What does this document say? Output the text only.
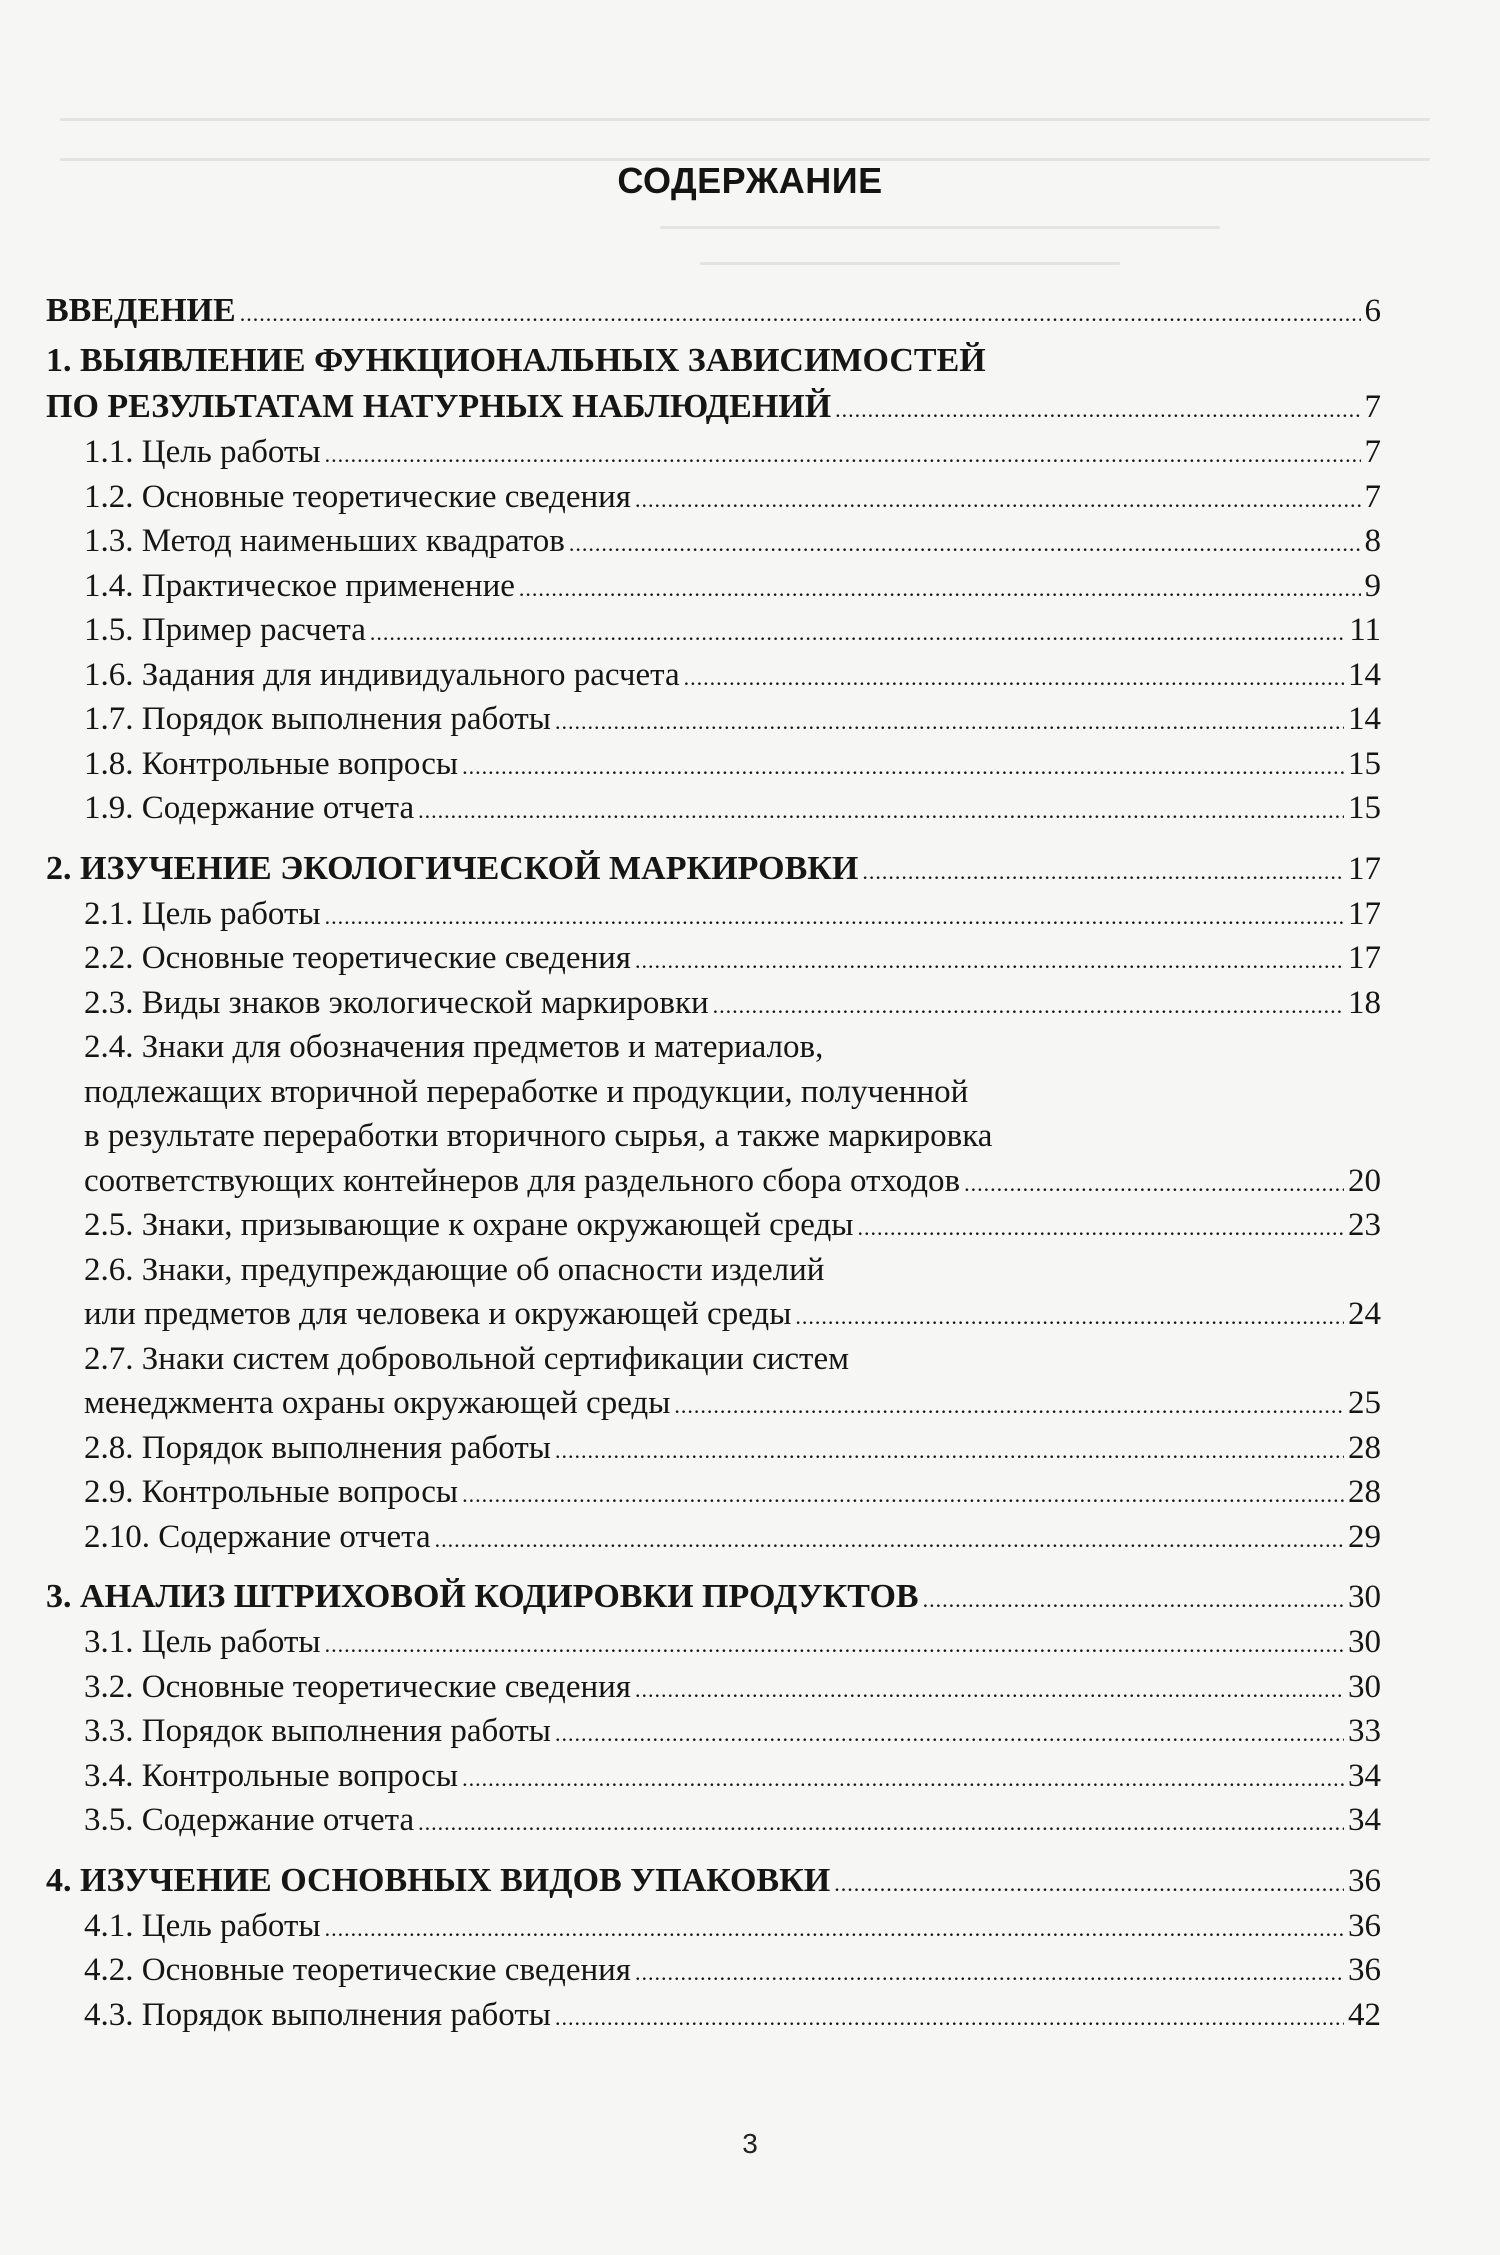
СОДЕРЖАНИЕ
ВВЕДЕНИЕ .....	6
1. ВЫЯВЛЕНИЕ ФУНКЦИОНАЛЬНЫХ ЗАВИСИМОСТЕЙ
ПО РЕЗУЛЬТАТАМ НАТУРНЫХ НАБЛЮДЕНИЙ .....	7
1.1. Цель работы .....	7
1.2. Основные теоретические сведения .....	7
1.3. Метод наименьших квадратов .....	8
1.4. Практическое применение .....	9
1.5. Пример расчета .....	11
1.6. Задания для индивидуального расчета .....	14
1.7. Порядок выполнения работы .....	14
1.8. Контрольные вопросы .....	15
1.9. Содержание отчета .....	15
2. ИЗУЧЕНИЕ ЭКОЛОГИЧЕСКОЙ МАРКИРОВКИ .....	17
2.1. Цель работы .....	17
2.2. Основные теоретические сведения .....	17
2.3. Виды знаков экологической маркировки .....	18
2.4. Знаки для обозначения предметов и материалов,
подлежащих вторичной переработке и продукции, полученной
в результате переработки вторичного сырья, а также маркировка
соответствующих контейнеров для раздельного сбора отходов .....	20
2.5. Знаки, призывающие к охране окружающей среды .....	23
2.6. Знаки, предупреждающие об опасности изделий
или предметов для человека и окружающей среды .....	24
2.7. Знаки систем добровольной сертификации систем
менеджмента охраны окружающей среды .....	25
2.8. Порядок выполнения работы .....	28
2.9. Контрольные вопросы .....	28
2.10. Содержание отчета .....	29
3. АНАЛИЗ ШТРИХОВОЙ КОДИРОВКИ ПРОДУКТОВ .....	30
3.1. Цель работы .....	30
3.2. Основные теоретические сведения .....	30
3.3. Порядок выполнения работы .....	33
3.4. Контрольные вопросы .....	34
3.5. Содержание отчета .....	34
4. ИЗУЧЕНИЕ ОСНОВНЫХ ВИДОВ УПАКОВКИ .....	36
4.1. Цель работы .....	36
4.2. Основные теоретические сведения .....	36
4.3. Порядок выполнения работы .....	42
3
